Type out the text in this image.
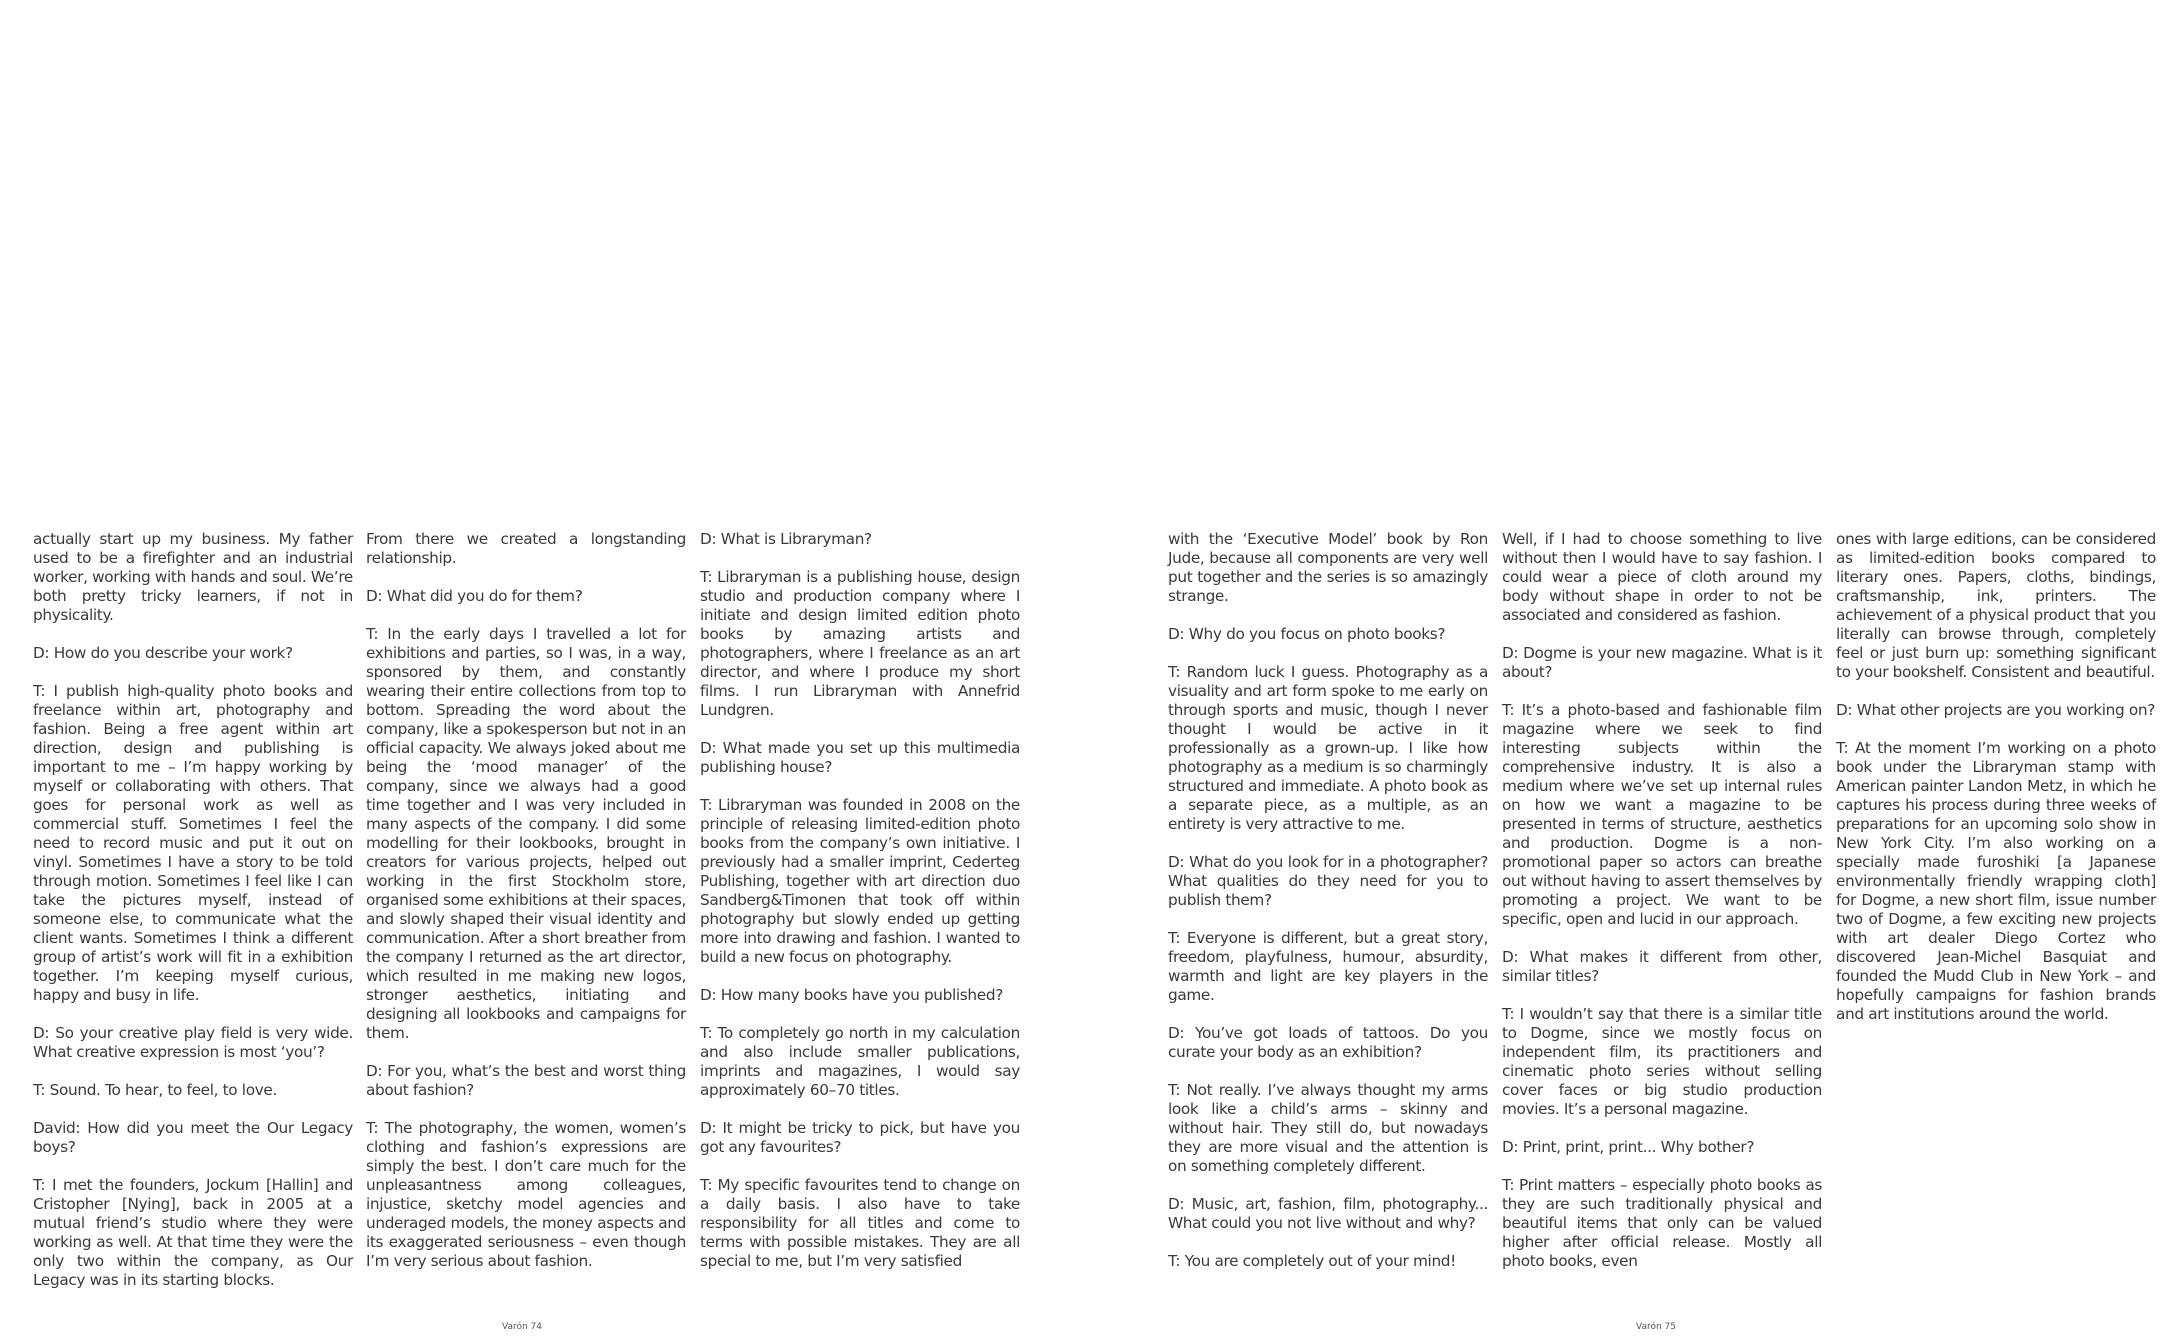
actually start up my business. My father used to be a firefighter and an industrial worker, working with hands and soul. We’re both pretty tricky learners, if not in physicality.

D: How do you describe your work?

T: I publish high-quality photo books and freelance within art, photography and fashion. Being a free agent within art direction, design and publishing is important to me – I’m happy working by myself or collaborating with others. That goes for personal work as well as commercial stuff. Sometimes I feel the need to record music and put it out on vinyl. Sometimes I have a story to be told through motion. Sometimes I feel like I can take the pictures myself, instead of someone else, to communicate what the client wants. Sometimes I think a different group of artist’s work will fit in a exhibition together. I’m keeping myself curious, happy and busy in life.

D: So your creative play field is very wide. What creative expression is most ‘you’?

T: Sound. To hear, to feel, to love.

David: How did you meet the Our Legacy boys?

T: I met the founders, Jockum [Hallin] and Cristopher [Nying], back in 2005 at a mutual friend’s studio where they were working as well. At that time they were the only two within the company, as Our Legacy was in its starting blocks.

From there we created a longstanding relationship.

D: What did you do for them?

T: In the early days I travelled a lot for exhibitions and parties, so I was, in a way, sponsored by them, and constantly wearing their entire collections from top to bottom. Spreading the word about the company, like a spokesperson but not in an official capacity. We always joked about me being the ‘mood manager’ of the company, since we always had a good time together and I was very included in many aspects of the company. I did some modelling for their lookbooks, brought in creators for various projects, helped out working in the first Stockholm store, organised some exhibitions at their spaces, and slowly shaped their visual identity and communication. After a short breather from the company I returned as the art director, which resulted in me making new logos, stronger aesthetics, initiating and designing all lookbooks and campaigns for them.

D: For you, what’s the best and worst thing about fashion?

T: The photography, the women, women’s clothing and fashion’s expressions are simply the best. I don’t care much for the unpleasantness among colleagues, injustice, sketchy model agencies and underaged models, the money aspects and its exaggerated seriousness – even though I’m very serious about fashion.

D: What is Libraryman?

T: Libraryman is a publishing house, design studio and production company where I initiate and design limited edition photo books by amazing artists and photographers, where I freelance as an art director, and where I produce my short films. I run Libraryman with Annefrid Lundgren.

D: What made you set up this multimedia publishing house?

T: Libraryman was founded in 2008 on the principle of releasing limited-edition photo books from the company’s own initiative. I previously had a smaller imprint, Cederteg Publishing, together with art direction duo Sandberg&Timonen that took off within photography but slowly ended up getting more into drawing and fashion. I wanted to build a new focus on photography.

D: How many books have you published?

T: To completely go north in my calculation and also include smaller publications, imprints and magazines, I would say approximately 60–70 titles.

D: It might be tricky to pick, but have you got any favourites?

T: My specific favourites tend to change on a daily basis. I also have to take responsibility for all titles and come to terms with possible mistakes. They are all special to me, but I’m very satisfied

Varón 74

with the ‘Executive Model’ book by Ron Jude, because all components are very well put together and the series is so amazingly strange.

D: Why do you focus on photo books?

T: Random luck I guess. Photography as a visuality and art form spoke to me early on through sports and music, though I never thought I would be active in it professionally as a grown-up. I like how photography as a medium is so charmingly structured and immediate. A photo book as a separate piece, as a multiple, as an entirety is very attractive to me.

D: What do you look for in a photographer? What qualities do they need for you to publish them?

T: Everyone is different, but a great story, freedom, playfulness, humour, absurdity, warmth and light are key players in the game.

D: You’ve got loads of tattoos. Do you curate your body as an exhibition?

T: Not really. I’ve always thought my arms look like a child’s arms – skinny and without hair. They still do, but nowadays they are more visual and the attention is on something completely different.

D: Music, art, fashion, film, photography... What could you not live without and why?

T: You are completely out of your mind!

Well, if I had to choose something to live without then I would have to say fashion. I could wear a piece of cloth around my body without shape in order to not be associated and considered as fashion.

D: Dogme is your new magazine. What is it about?

T: It’s a photo-based and fashionable film magazine where we seek to find interesting subjects within the comprehensive industry. It is also a medium where we’ve set up internal rules on how we want a magazine to be presented in terms of structure, aesthetics and production. Dogme is a non-promotional paper so actors can breathe out without having to assert themselves by promoting a project. We want to be specific, open and lucid in our approach.

D: What makes it different from other, similar titles?

T: I wouldn’t say that there is a similar title to Dogme, since we mostly focus on independent film, its practitioners and cinematic photo series without selling cover faces or big studio production movies. It’s a personal magazine.

D: Print, print, print... Why bother?

T: Print matters – especially photo books as they are such traditionally physical and beautiful items that only can be valued higher after official release. Mostly all photo books, even

ones with large editions, can be considered as limited-edition books compared to literary ones. Papers, cloths, bindings, craftsmanship, ink, printers. The achievement of a physical product that you literally can browse through, completely feel or just burn up: something significant to your bookshelf. Consistent and beautiful.

D: What other projects are you working on?

T: At the moment I’m working on a photo book under the Libraryman stamp with American painter Landon Metz, in which he captures his process during three weeks of preparations for an upcoming solo show in New York City. I’m also working on a specially made furoshiki [a Japanese environmentally friendly wrapping cloth] for Dogme, a new short film, issue number two of Dogme, a few exciting new projects with art dealer Diego Cortez who discovered Jean-Michel Basquiat and founded the Mudd Club in New York – and hopefully campaigns for fashion brands and art institutions around the world.

Varón 75
